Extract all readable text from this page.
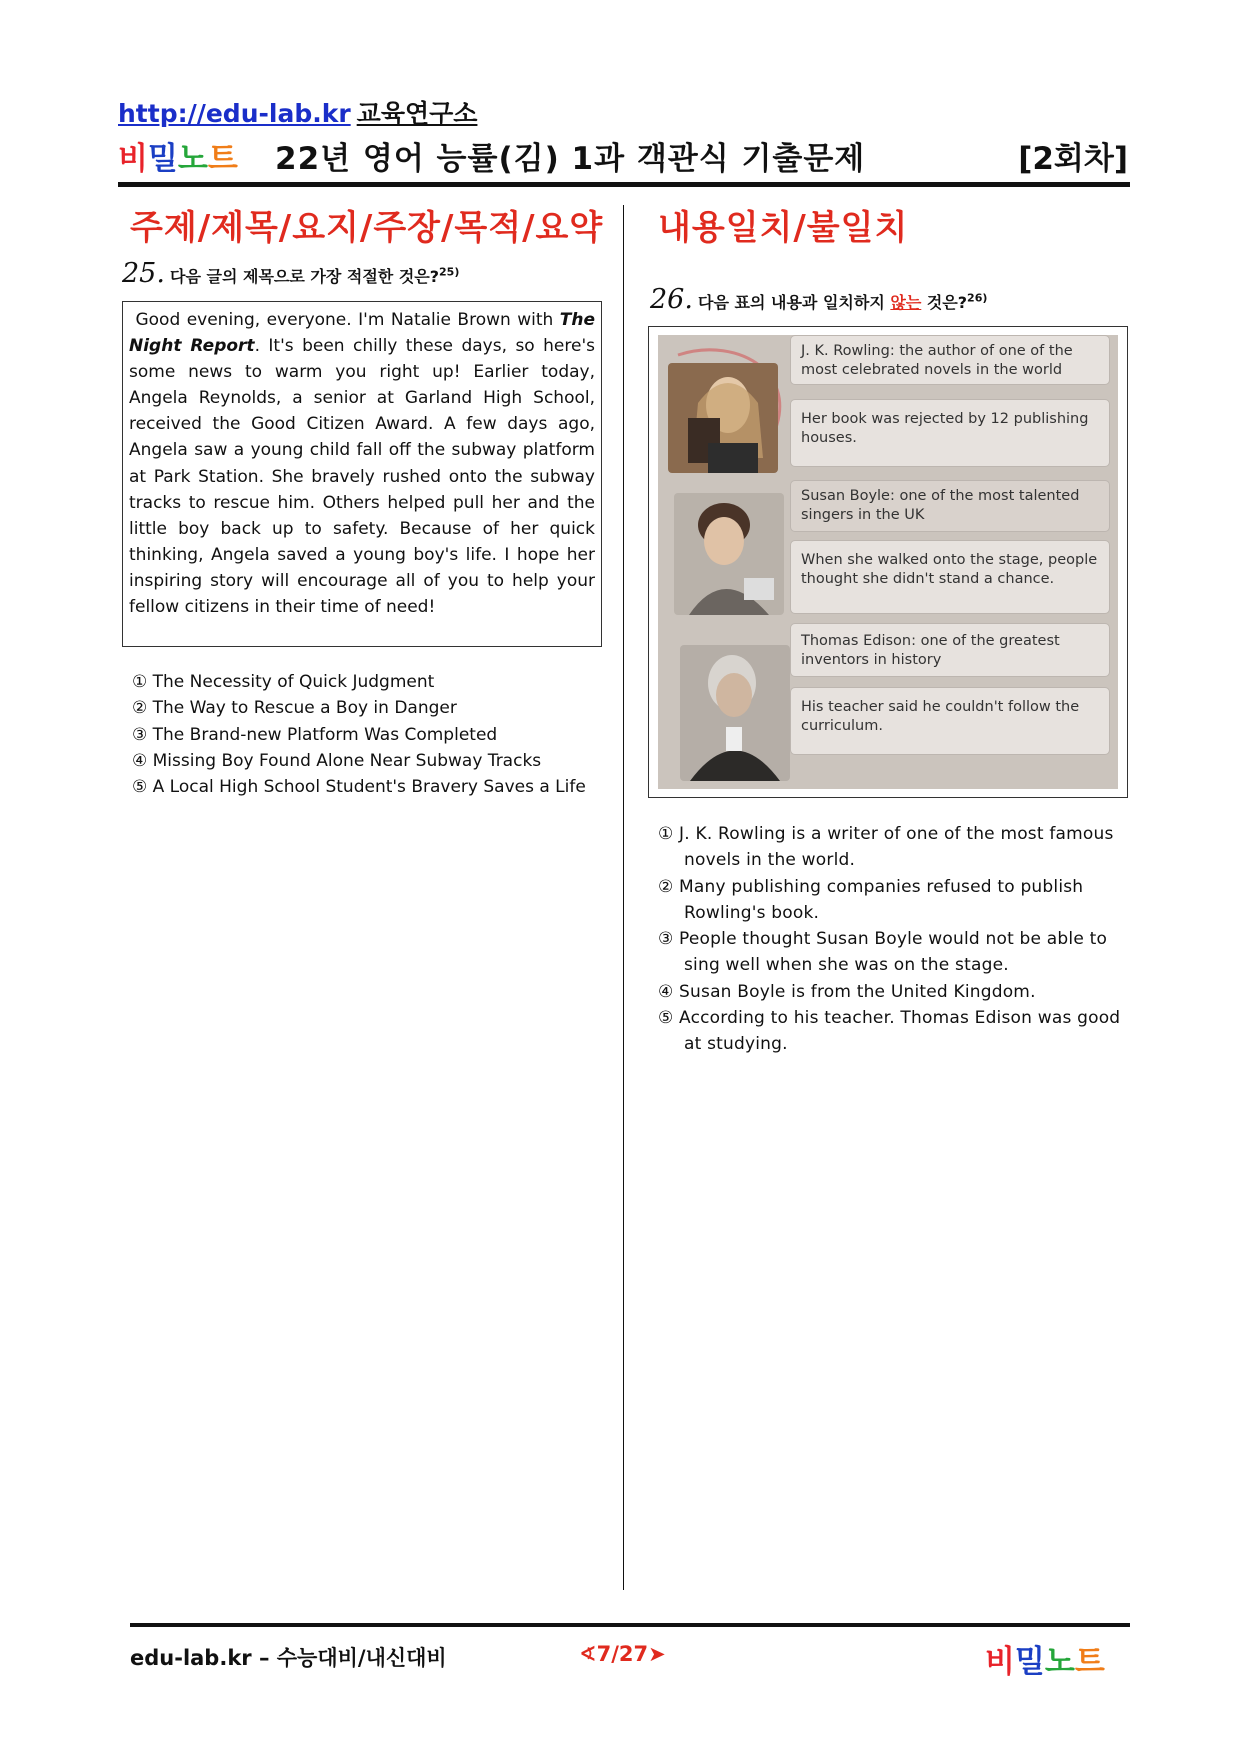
http://edu-lab.kr 교육연구소
비밀노트 22년 영어 능률(김) 1과 객관식 기출문제	[2회차]
주제/제목/요지/주장/목적/요약
25. 다음 글의 제목으로 가장 적절한 것은?$^{25)}$
Good evening, everyone. I'm Natalie Brown with The Night Report. It's been chilly these days, so here's some news to warm you right up! Earlier today, Angela Reynolds, a senior at Garland High School, received the Good Citizen Award. A few days ago, Angela saw a young child fall off the subway platform at Park Station. She bravely rushed onto the subway tracks to rescue him. Others helped pull her and the little boy back up to safety. Because of her quick thinking, Angela saved a young boy's life. I hope her inspiring story will encourage all of you to help your fellow citizens in their time of need!
① The Necessity of Quick Judgment
② The Way to Rescue a Boy in Danger
③ The Brand-new Platform Was Completed
④ Missing Boy Found Alone Near Subway Tracks
⑤ A Local High School Student's Bravery Saves a Life
내용일치/불일치
26. 다음 표의 내용과 일치하지 않는 것은?$^{26)}$
J. K. Rowling: the author of one of the most celebrated novels in the world
Her book was rejected by 12 publishing houses.
Susan Boyle: one of the most talented singers in the UK
When she walked onto the stage, people thought she didn't stand a chance.
Thomas Edison: one of the greatest inventors in history
His teacher said he couldn't follow the curriculum.
① J. K. Rowling is a writer of one of the most famous novels in the world.
② Many publishing companies refused to publish Rowling's book.
③ People thought Susan Boyle would not be able to sing well when she was on the stage.
④ Susan Boyle is from the United Kingdom.
⑤ According to his teacher. Thomas Edison was good at studying.
edu-lab.kr – 수능대비/내신대비	∢7/27➤	비밀노트
